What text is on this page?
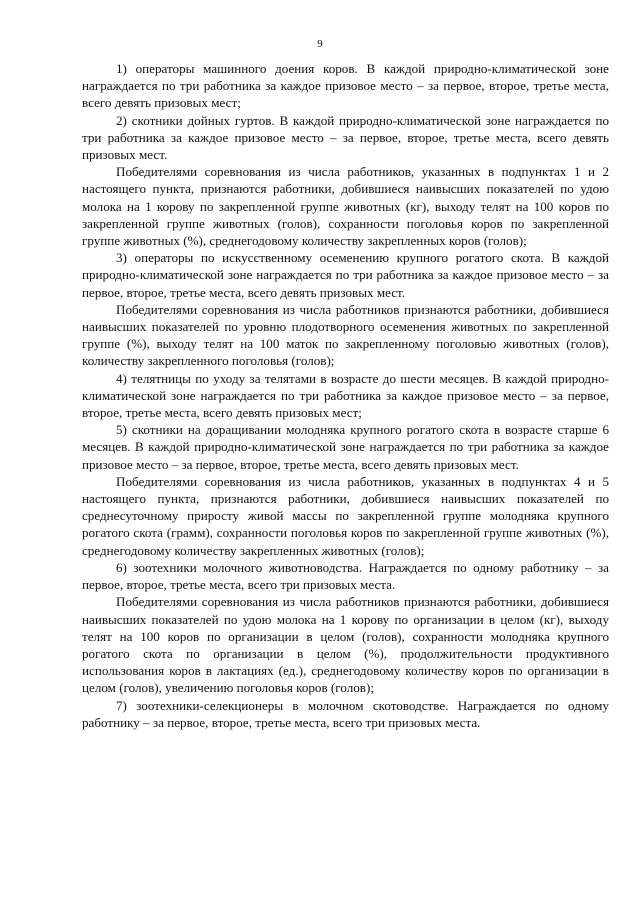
9

1) операторы машинного доения коров. В каждой природно-климатической зоне награждается по три работника за каждое призовое место – за первое, второе, третье места, всего девять призовых мест;

2) скотники дойных гуртов. В каждой природно-климатической зоне награждается по три работника за каждое призовое место – за первое, второе, третье места, всего девять призовых мест.

Победителями соревнования из числа работников, указанных в подпунктах 1 и 2 настоящего пункта, признаются работники, добившиеся наивысших показателей по удою молока на 1 корову по закрепленной группе животных (кг), выходу телят на 100 коров по закрепленной группе животных (голов), сохранности поголовья коров по закрепленной группе животных (%), среднегодовому количеству закрепленных коров (голов);

3) операторы по искусственному осеменению крупного рогатого скота. В каждой природно-климатической зоне награждается по три работника за каждое призовое место – за первое, второе, третье места, всего девять призовых мест.

Победителями соревнования из числа работников признаются работники, добившиеся наивысших показателей по уровню плодотворного осеменения животных по закрепленной группе (%), выходу телят на 100 маток по закрепленному поголовью животных (голов), количеству закрепленного поголовья (голов);

4) телятницы по уходу за телятами в возрасте до шести месяцев. В каждой природно-климатической зоне награждается по три работника за каждое призовое место – за первое, второе, третье места, всего девять призовых мест;

5) скотники на доращивании молодняка крупного рогатого скота в возрасте старше 6 месяцев. В каждой природно-климатической зоне награждается по три работника за каждое призовое место – за первое, второе, третье места, всего девять призовых мест.

Победителями соревнования из числа работников, указанных в подпунктах 4 и 5 настоящего пункта, признаются работники, добившиеся наивысших показателей по среднесуточному приросту живой массы по закрепленной группе молодняка крупного рогатого скота (грамм), сохранности поголовья коров по закрепленной группе животных (%), среднегодовому количеству закрепленных животных (голов);

6) зоотехники молочного животноводства. Награждается по одному работнику – за первое, второе, третье места, всего три призовых места.

Победителями соревнования из числа работников признаются работники, добившиеся наивысших показателей по удою молока на 1 корову по организации в целом (кг), выходу телят на 100 коров по организации в целом (голов), сохранности молодняка крупного рогатого скота по организации в целом (%), продолжительности продуктивного использования коров в лактациях (ед.), среднегодовому количеству коров по организации в целом (голов), увеличению поголовья коров (голов);

7) зоотехники-селекционеры в молочном скотоводстве. Награждается по одному работнику – за первое, второе, третье места, всего три призовых места.
